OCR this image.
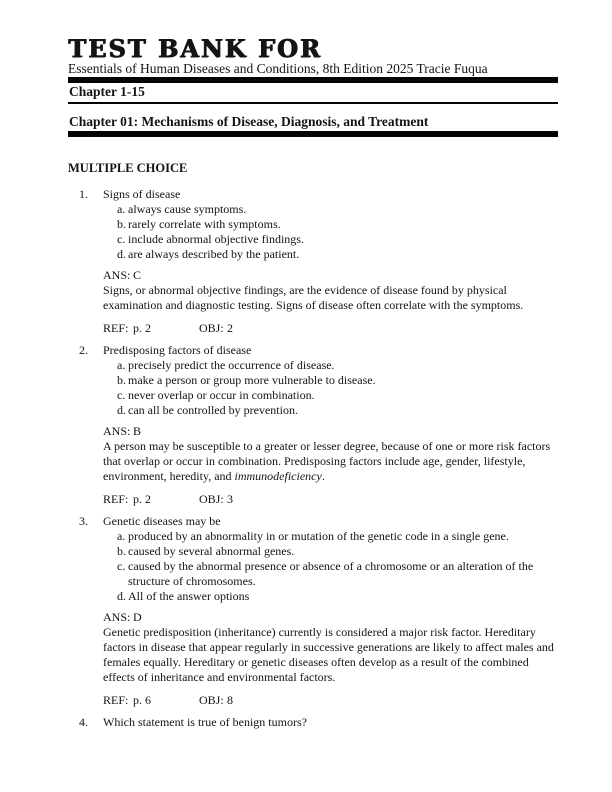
TEST BANK FOR
Essentials of Human Diseases and Conditions, 8th Edition 2025 Tracie Fuqua
Chapter 1-15
Chapter 01: Mechanisms of Disease, Diagnosis, and Treatment
MULTIPLE CHOICE
1.	Signs of disease
a. always cause symptoms.
b. rarely correlate with symptoms.
c. include abnormal objective findings.
d. are always described by the patient.
ANS: C
Signs, or abnormal objective findings, are the evidence of disease found by physical examination and diagnostic testing. Signs of disease often correlate with the symptoms.
REF: p. 2	OBJ: 2
2.	Predisposing factors of disease
a. precisely predict the occurrence of disease.
b. make a person or group more vulnerable to disease.
c. never overlap or occur in combination.
d. can all be controlled by prevention.
ANS: B
A person may be susceptible to a greater or lesser degree, because of one or more risk factors that overlap or occur in combination. Predisposing factors include age, gender, lifestyle, environment, heredity, and immunodeficiency.
REF: p. 2	OBJ: 3
3.	Genetic diseases may be
a. produced by an abnormality in or mutation of the genetic code in a single gene.
b. caused by several abnormal genes.
c. caused by the abnormal presence or absence of a chromosome or an alteration of the structure of chromosomes.
d. All of the answer options
ANS: D
Genetic predisposition (inheritance) currently is considered a major risk factor. Hereditary factors in disease that appear regularly in successive generations are likely to affect males and females equally. Hereditary or genetic diseases often develop as a result of the combined effects of inheritance and environmental factors.
REF: p. 6	OBJ: 8
4.	Which statement is true of benign tumors?
